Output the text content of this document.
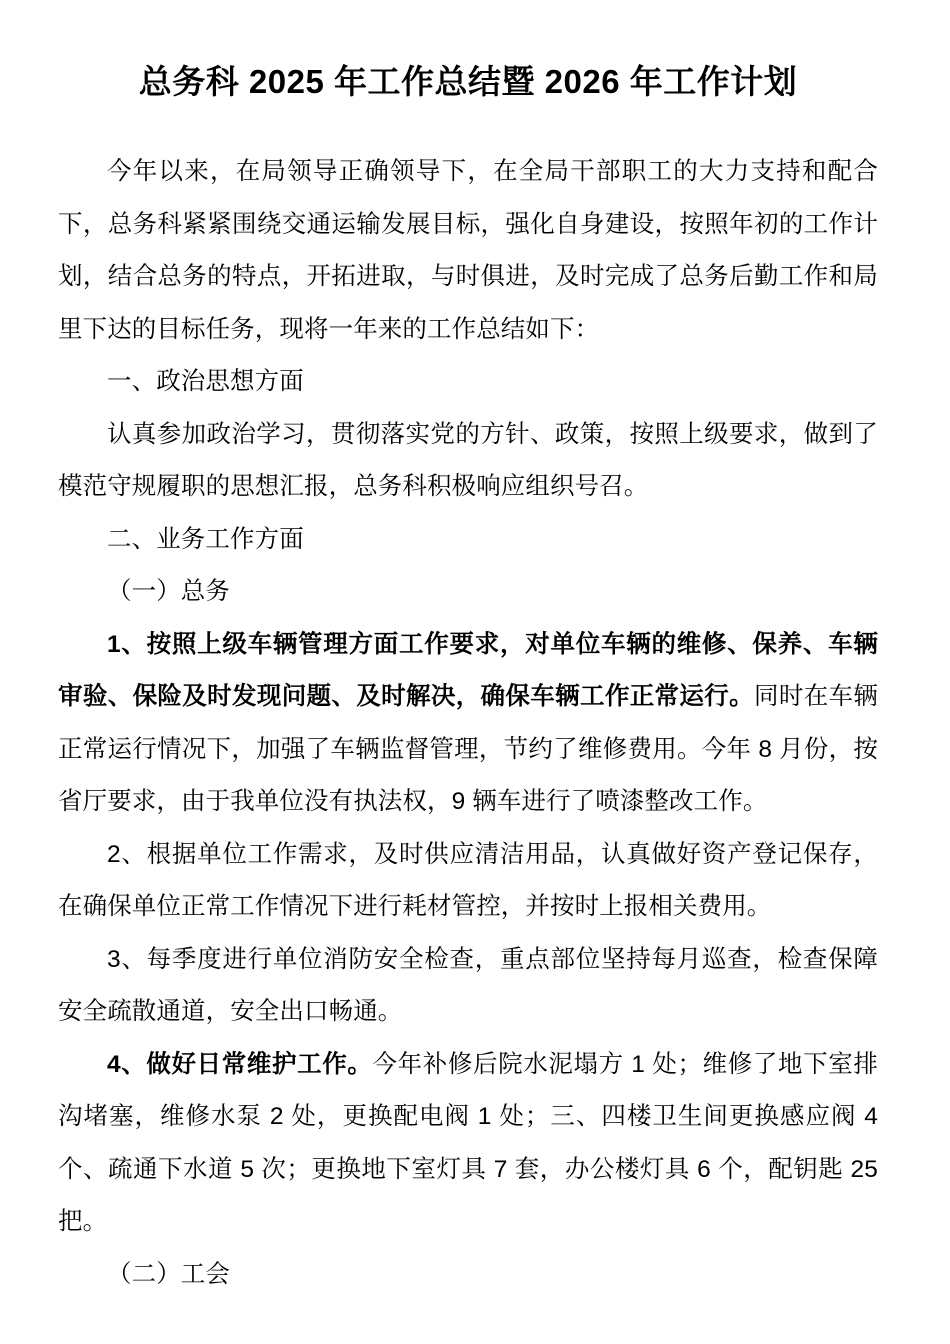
总务科 2025 年工作总结暨 2026 年工作计划

今年以来，在局领导正确领导下，在全局干部职工的大力支持和配合下，总务科紧紧围绕交通运输发展目标，强化自身建设，按照年初的工作计划，结合总务的特点，开拓进取，与时俱进，及时完成了总务后勤工作和局里下达的目标任务，现将一年来的工作总结如下：

一、政治思想方面

认真参加政治学习，贯彻落实党的方针、政策，按照上级要求，做到了模范守规履职的思想汇报，总务科积极响应组织号召。

二、业务工作方面

（一）总务

1、按照上级车辆管理方面工作要求，对单位车辆的维修、保养、车辆审验、保险及时发现问题、及时解决，确保车辆工作正常运行。同时在车辆正常运行情况下，加强了车辆监督管理，节约了维修费用。今年 8 月份，按省厅要求，由于我单位没有执法权，9 辆车进行了喷漆整改工作。

2、根据单位工作需求，及时供应清洁用品，认真做好资产登记保存，在确保单位正常工作情况下进行耗材管控，并按时上报相关费用。

3、每季度进行单位消防安全检查，重点部位坚持每月巡查，检查保障安全疏散通道，安全出口畅通。

4、做好日常维护工作。今年补修后院水泥塌方 1 处；维修了地下室排沟堵塞，维修水泵 2 处，更换配电阀 1 处；三、四楼卫生间更换感应阀 4 个、疏通下水道 5 次；更换地下室灯具 7 套，办公楼灯具 6 个，配钥匙 25 把。

（二）工会
